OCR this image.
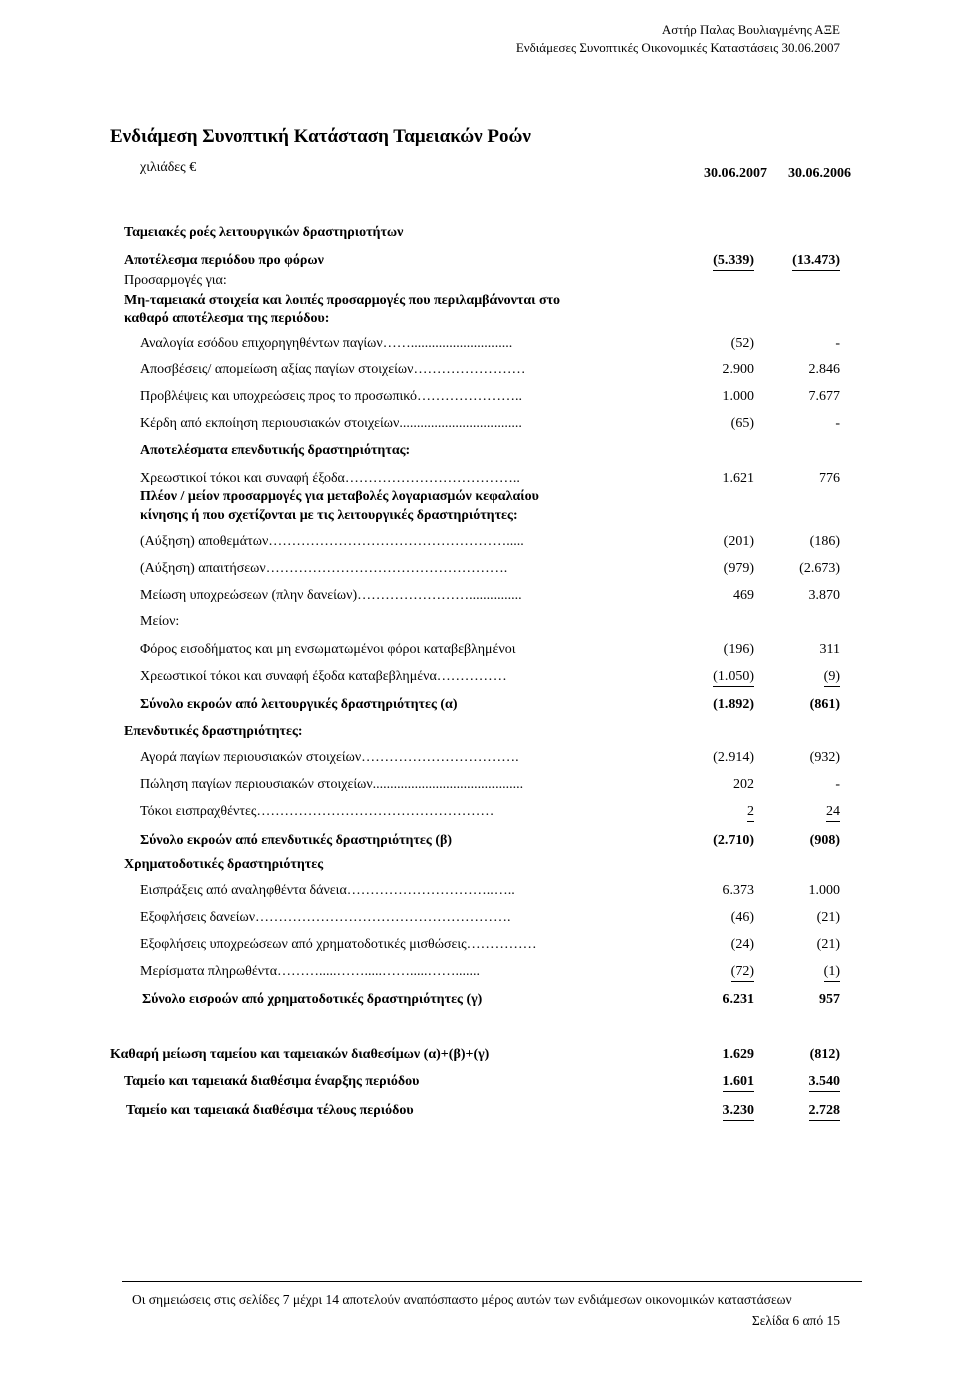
Αστήρ Παλας Βουλιαγμένης ΑΞΕ
Ενδιάμεσες Συνοπτικές Οικονομικές Καταστάσεις 30.06.2007
Ενδιάμεση Συνοπτική Κατάσταση Ταμειακών Ροών
χιλιάδες €	30.06.2007 30.06.2006
Ταμειακές ροές λειτουργικών δραστηριοτήτων
Αποτέλεσμα περιόδου προ φόρων	(5.339)	(13.473)
Προσαρμογές για:
Μη-ταμειακά στοιχεία και λοιπές προσαρμογές που περιλαμβάνονται στο
καθαρό αποτέλεσμα της περιόδου:
Αναλογία εσόδου επιχορηγηθέντων παγίων…….............................	(52)	-
Αποσβέσεις/ απομείωση αξίας παγίων στοιχείων……………………	2.900	2.846
Προβλέψεις και υποχρεώσεις προς το προσωπικό…………………..	1.000	7.677
Κέρδη από εκποίηση περιουσιακών στοιχείων...................................	(65)	-
Αποτελέσματα επενδυτικής δραστηριότητας:
Χρεωστικοί τόκοι και συναφή έξοδα………………………………..	1.621	776
Πλέον / μείον προσαρμογές για μεταβολές λογαριασμών κεφαλαίου
κίνησης ή που σχετίζονται με τις λειτουργικές δραστηριότητες:
(Αύξηση) αποθεμάτων…………………………………………….....	(201)	(186)
(Αύξηση) απαιτήσεων…………………………………………….	(979)	(2.673)
Μείωση υποχρεώσεων (πλην δανείων)……………………...............	469	3.870
Μείον:
Φόρος εισοδήματος και μη ενσωματωμένοι φόροι καταβεβλημένοι	(196)	311
Χρεωστικοί τόκοι και συναφή έξοδα καταβεβλημένα……………	(1.050)	(9)
Σύνολο εκροών από λειτουργικές δραστηριότητες (α)	(1.892)	(861)
Επενδυτικές δραστηριότητες:
Αγορά παγίων περιουσιακών στοιχείων…………………………….	(2.914)	(932)
Πώληση παγίων περιουσιακών στοιχείων...........................................	202	-
Τόκοι εισπραχθέντες……………………………………………	2	24
Σύνολο εκροών από επενδυτικές δραστηριότητες (β)	(2.710)	(908)
Χρηματοδοτικές δραστηριότητες
Εισπράξεις από αναληφθέντα δάνεια…………………………..…..	6.373	1.000
Εξοφλήσεις δανείων……………………………………………….	(46)	(21)
Εξοφλήσεις υποχρεώσεων από χρηματοδοτικές μισθώσεις……………	(24)	(21)
Μερίσματα πληρωθέντα……….....…….....…….....…….......	(72)	(1)
Σύνολο εισροών από χρηματοδοτικές δραστηριότητες (γ)	6.231	957
Καθαρή μείωση ταμείου και ταμειακών διαθεσίμων (α)+(β)+(γ)	1.629	(812)
Ταμείο και ταμειακά διαθέσιμα έναρξης περιόδου	1.601	3.540
Ταμείο και ταμειακά διαθέσιμα τέλους περιόδου	3.230	2.728
Οι σημειώσεις στις σελίδες 7 μέχρι 14 αποτελούν αναπόσπαστο μέρος αυτών των ενδιάμεσων οικονομικών καταστάσεων
Σελίδα 6 από 15
